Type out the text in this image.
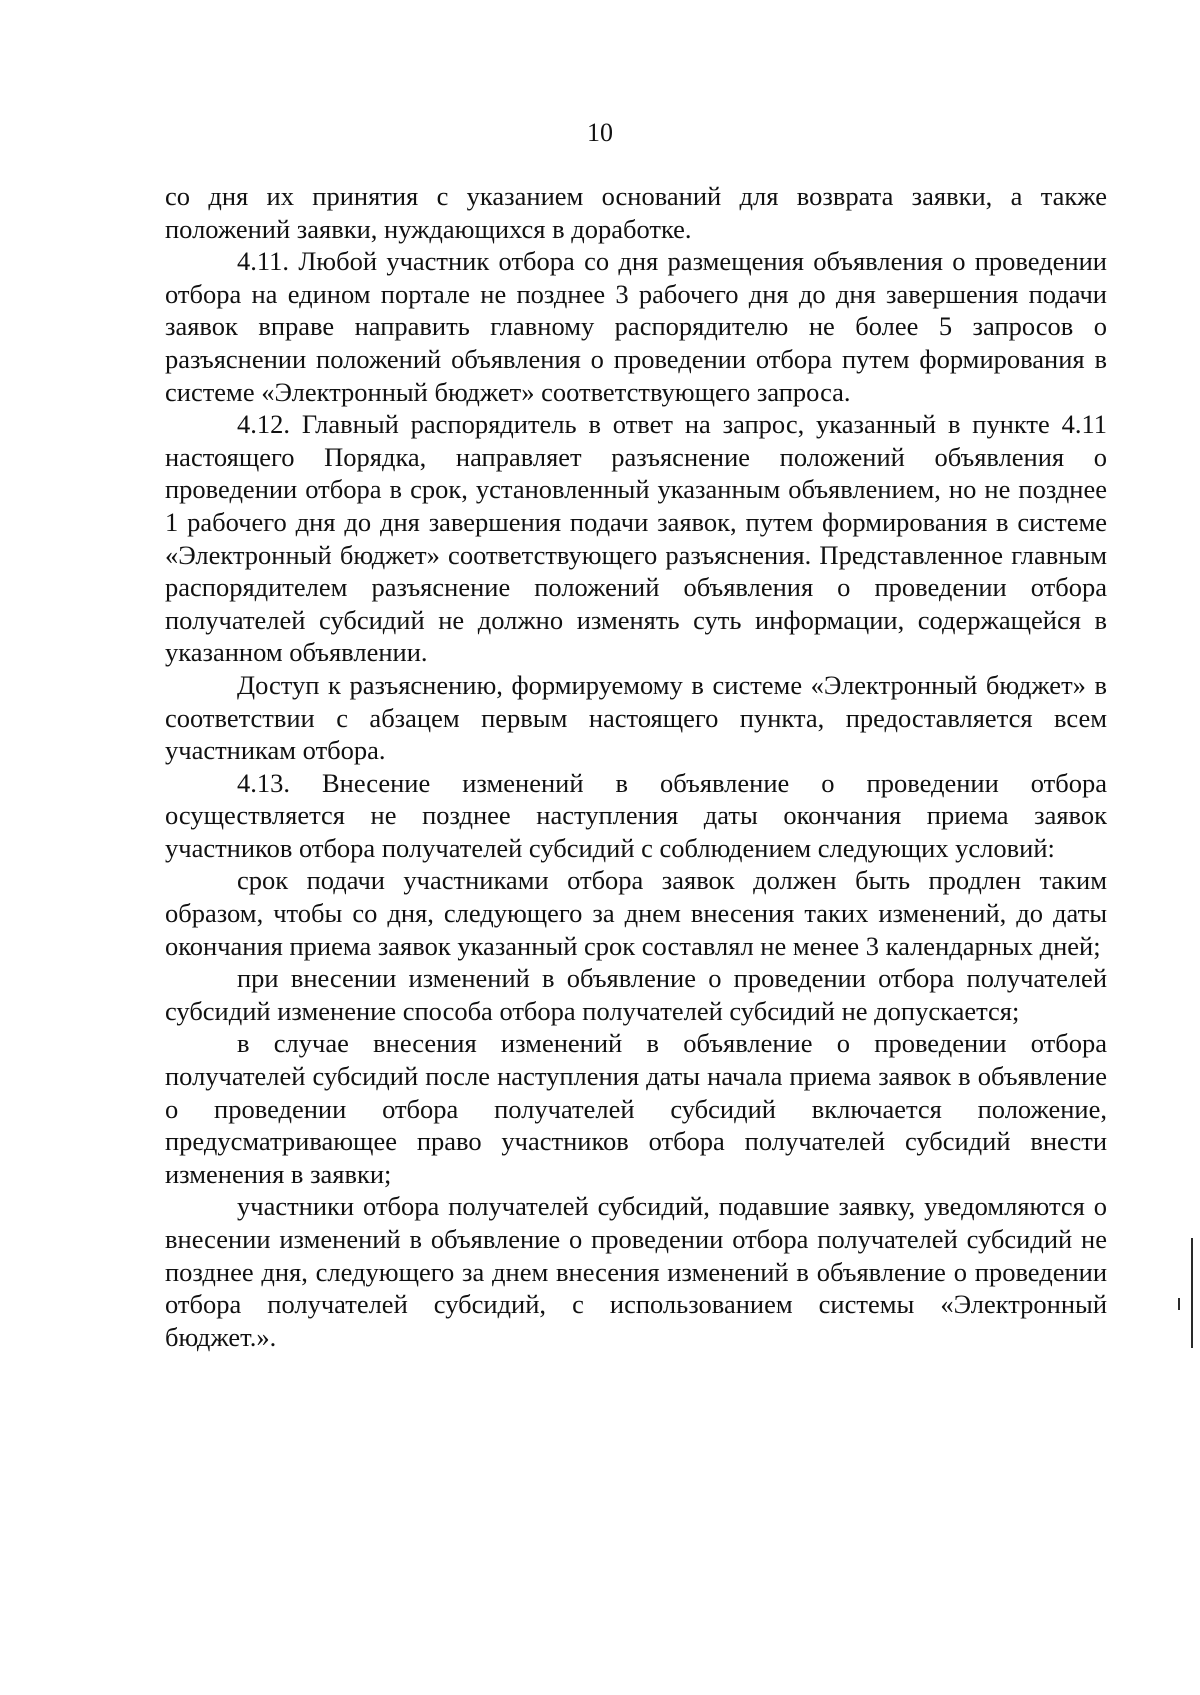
10

со дня их принятия с указанием оснований для возврата заявки, а также положений заявки, нуждающихся в доработке.

4.11. Любой участник отбора со дня размещения объявления о проведении отбора на едином портале не позднее 3 рабочего дня до дня завершения подачи заявок вправе направить главному распорядителю не более 5 запросов о разъяснении положений объявления о проведении отбора путем формирования в системе «Электронный бюджет» соответствующего запроса.

4.12. Главный распорядитель в ответ на запрос, указанный в пункте 4.11 настоящего Порядка, направляет разъяснение положений объявления о проведении отбора в срок, установленный указанным объявлением, но не позднее 1 рабочего дня до дня завершения подачи заявок, путем формирования в системе «Электронный бюджет» соответствующего разъяснения. Представленное главным распорядителем разъяснение положений объявления о проведении отбора получателей субсидий не должно изменять суть информации, содержащейся в указанном объявлении.

Доступ к разъяснению, формируемому в системе «Электронный бюджет» в соответствии с абзацем первым настоящего пункта, предоставляется всем участникам отбора.

4.13. Внесение изменений в объявление о проведении отбора осуществляется не позднее наступления даты окончания приема заявок участников отбора получателей субсидий с соблюдением следующих условий:

срок подачи участниками отбора заявок должен быть продлен таким образом, чтобы со дня, следующего за днем внесения таких изменений, до даты окончания приема заявок указанный срок составлял не менее 3 календарных дней;

при внесении изменений в объявление о проведении отбора получателей субсидий изменение способа отбора получателей субсидий не допускается;

в случае внесения изменений в объявление о проведении отбора получателей субсидий после наступления даты начала приема заявок в объявление о проведении отбора получателей субсидий включается положение, предусматривающее право участников отбора получателей субсидий внести изменения в заявки;

участники отбора получателей субсидий, подавшие заявку, уведомляются о внесении изменений в объявление о проведении отбора получателей субсидий не позднее дня, следующего за днем внесения изменений в объявление о проведении отбора получателей субсидий, с использованием системы «Электронный бюджет.».
